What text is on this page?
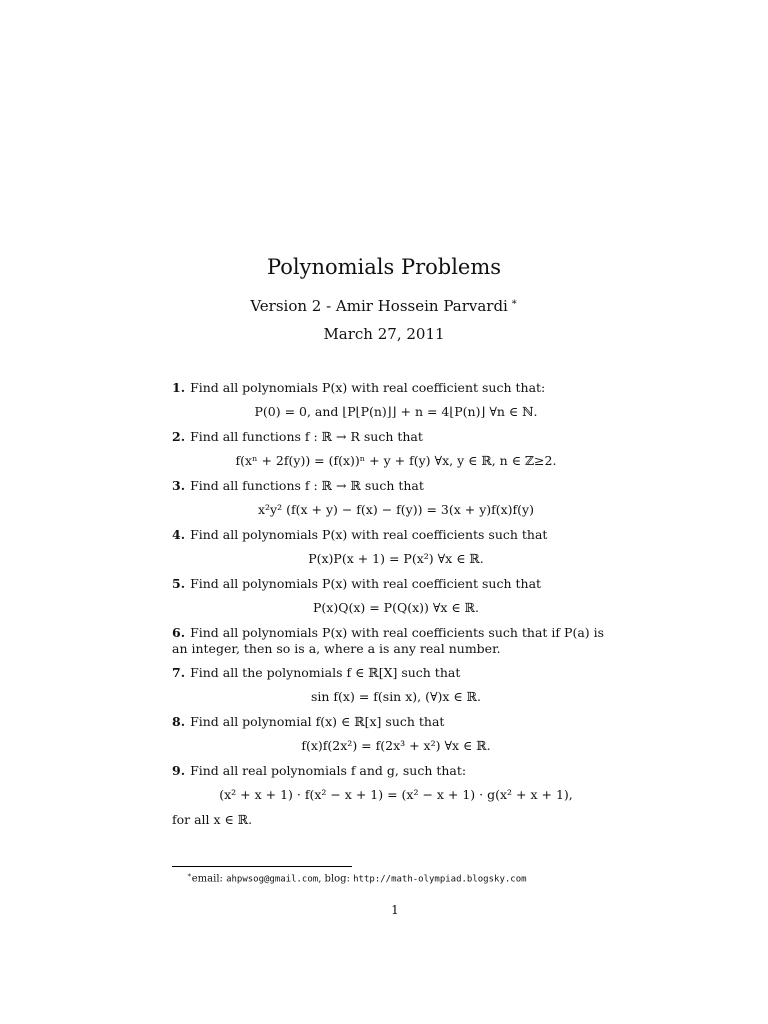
Polynomials Problems
Version 2 - Amir Hossein Parvardi ∗
March 27, 2011
1. Find all polynomials P(x) with real coefficient such that:
P(0) = 0, and ⌊P⌊P(n)⌋⌋ + n = 4⌊P(n)⌋ ∀n ∈ ℕ.
2. Find all functions f : ℝ → R such that
f(xⁿ + 2f(y)) = (f(x))ⁿ + y + f(y) ∀x, y ∈ ℝ, n ∈ ℤ≥2.
3. Find all functions f : ℝ → ℝ such that
x²y² (f(x + y) − f(x) − f(y)) = 3(x + y)f(x)f(y)
4. Find all polynomials P(x) with real coefficients such that
P(x)P(x + 1) = P(x²) ∀x ∈ ℝ.
5. Find all polynomials P(x) with real coefficient such that
P(x)Q(x) = P(Q(x)) ∀x ∈ ℝ.
6. Find all polynomials P(x) with real coefficients such that if P(a) is an integer, then so is a, where a is any real number.
7. Find all the polynomials f ∈ ℝ[X] such that
sin f(x) = f(sin x), (∀)x ∈ ℝ.
8. Find all polynomial f(x) ∈ ℝ[x] such that
f(x)f(2x²) = f(2x³ + x²) ∀x ∈ ℝ.
9. Find all real polynomials f and g, such that:
(x² + x + 1) · f(x² − x + 1) = (x² − x + 1) · g(x² + x + 1),
for all x ∈ ℝ.
∗email: ahpwsog@gmail.com, blog: http://math-olympiad.blogsky.com
1
